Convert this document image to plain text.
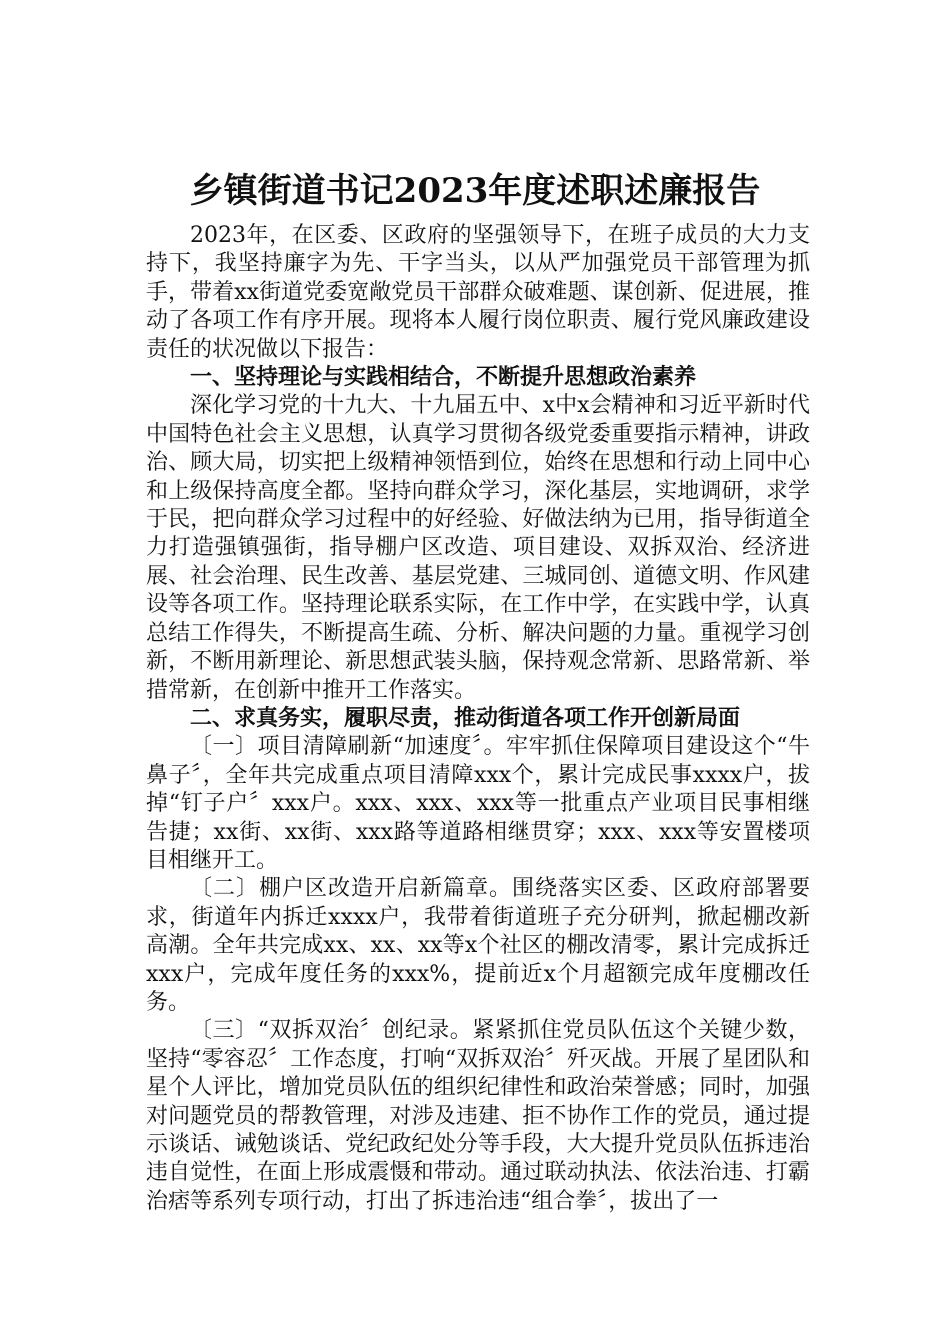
乡镇街道书记2023年度述职述廉报告

2023年，在区委、区政府的坚强领导下，在班子成员的大力支持下，我坚持廉字为先、干字当头，以从严加强党员干部管理为抓手，带着xx街道党委宽敞党员干部群众破难题、谋创新、促进展，推动了各项工作有序开展。现将本人履行岗位职责、履行党风廉政建设责任的状况做以下报告：

一、坚持理论与实践相结合，不断提升思想政治素养

深化学习党的十九大、十九届五中、x中x会精神和习近平新时代中国特色社会主义思想，认真学习贯彻各级党委重要指示精神，讲政治、顾大局，切实把上级精神领悟到位，始终在思想和行动上同中心和上级保持高度全都。坚持向群众学习，深化基层，实地调研，求学于民，把向群众学习过程中的好经验、好做法纳为已用，指导街道全力打造强镇强街，指导棚户区改造、项目建设、双拆双治、经济进展、社会治理、民生改善、基层党建、三城同创、道德文明、作风建设等各项工作。坚持理论联系实际，在工作中学，在实践中学，认真总结工作得失，不断提高生疏、分析、解决问题的力量。重视学习创新，不断用新理论、新思想武装头脑，保持观念常新、思路常新、举措常新，在创新中推开工作落实。

二、求真务实，履职尽责，推动街道各项工作开创新局面

〔一〕项目清障刷新“加速度〞。牢牢抓住保障项目建设这个“牛鼻子〞，全年共完成重点项目清障xxx个，累计完成民事xxxx户，拔掉“钉子户〞xxx户。xxx、xxx、xxx等一批重点产业项目民事相继告捷；xx街、xx街、xxx路等道路相继贯穿；xxx、xxx等安置楼项目相继开工。

〔二〕棚户区改造开启新篇章。围绕落实区委、区政府部署要求，街道年内拆迁xxxx户，我带着街道班子充分研判，掀起棚改新高潮。全年共完成xx、xx、xx等x个社区的棚改清零，累计完成拆迁xxx户，完成年度任务的xxx%，提前近x个月超额完成年度棚改任务。

〔三〕“双拆双治〞创纪录。紧紧抓住党员队伍这个关键少数，坚持“零容忍〞工作态度，打响“双拆双治〞歼灭战。开展了星团队和星个人评比，增加党员队伍的组织纪律性和政治荣誉感；同时，加强对问题党员的帮教管理，对涉及违建、拒不协作工作的党员，通过提示谈话、诫勉谈话、党纪政纪处分等手段，大大提升党员队伍拆违治违自觉性，在面上形成震慑和带动。通过联动执法、依法治违、打霸治痞等系列专项行动，打出了拆违治违“组合拳〞，拔出了一
